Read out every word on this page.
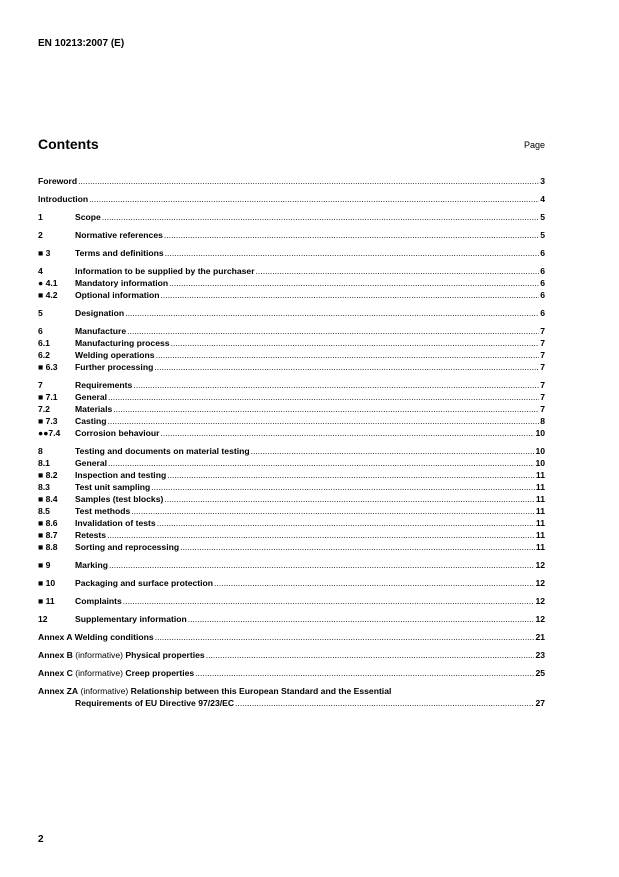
EN 10213:2007 (E)
Contents	Page
Foreword .....	3
Introduction .....	4
1	Scope .....	5
2	Normative references .....	5
■ 3	Terms and definitions .....	6
4	Information to be supplied by the purchaser .....	6
● 4.1	Mandatory information .....	6
■ 4.2	Optional information .....	6
5	Designation .....	6
6	Manufacture .....	7
6.1	Manufacturing process .....	7
6.2	Welding operations .....	7
■ 6.3	Further processing .....	7
7	Requirements .....	7
■ 7.1	General .....	7
7.2	Materials .....	7
■ 7.3	Casting .....	8
●●7.4	Corrosion behaviour .....	10
8	Testing and documents on material testing .....	10
8.1	General .....	10
■ 8.2	Inspection and testing .....	11
8.3	Test unit sampling .....	11
■ 8.4	Samples (test blocks) .....	11
8.5	Test methods .....	11
■ 8.6	Invalidation of tests .....	11
■ 8.7	Retests .....	11
■ 8.8	Sorting and reprocessing .....	11
■ 9	Marking .....	12
■ 10	Packaging and surface protection .....	12
■ 11	Complaints .....	12
12	Supplementary information .....	12
Annex A Welding conditions .....	21
Annex B (informative) Physical properties .....	23
Annex C (informative) Creep properties .....	25
Annex ZA (informative) Relationship between this European Standard and the Essential
Requirements of EU Directive 97/23/EC .....	27
2
